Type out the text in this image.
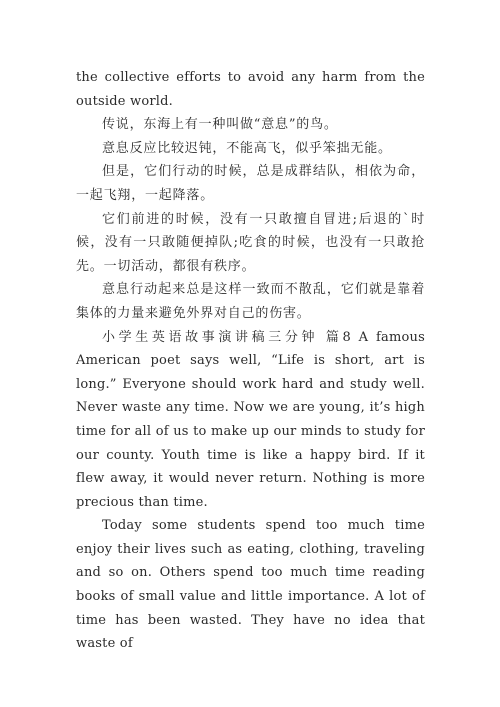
the collective efforts to avoid any harm from the outside world.

传说，东海上有一种叫做“意息”的鸟。

意息反应比较迟钝，不能高飞，似乎笨拙无能。

但是，它们行动的时候，总是成群结队，相依为命，一起飞翔，一起降落。

它们前进的时候，没有一只敢擅自冒进;后退的`时候，没有一只敢随便掉队;吃食的时候，也没有一只敢抢先。一切活动，都很有秩序。

意息行动起来总是这样一致而不散乱，它们就是靠着集体的力量来避免外界对自己的伤害。

小学生英语故事演讲稿三分钟 篇8 A famous American poet says well, “Life is short, art is long.” Everyone should work hard and study well. Never waste any time. Now we are young, it’s high time for all of us to make up our minds to study for our county. Youth time is like a happy bird. If it flew away, it would never return. Nothing is more precious than time.

Today some students spend too much time enjoy their lives such as eating, clothing, traveling and so on. Others spend too much time reading books of small value and little importance. A lot of time has been wasted. They have no idea that waste of
